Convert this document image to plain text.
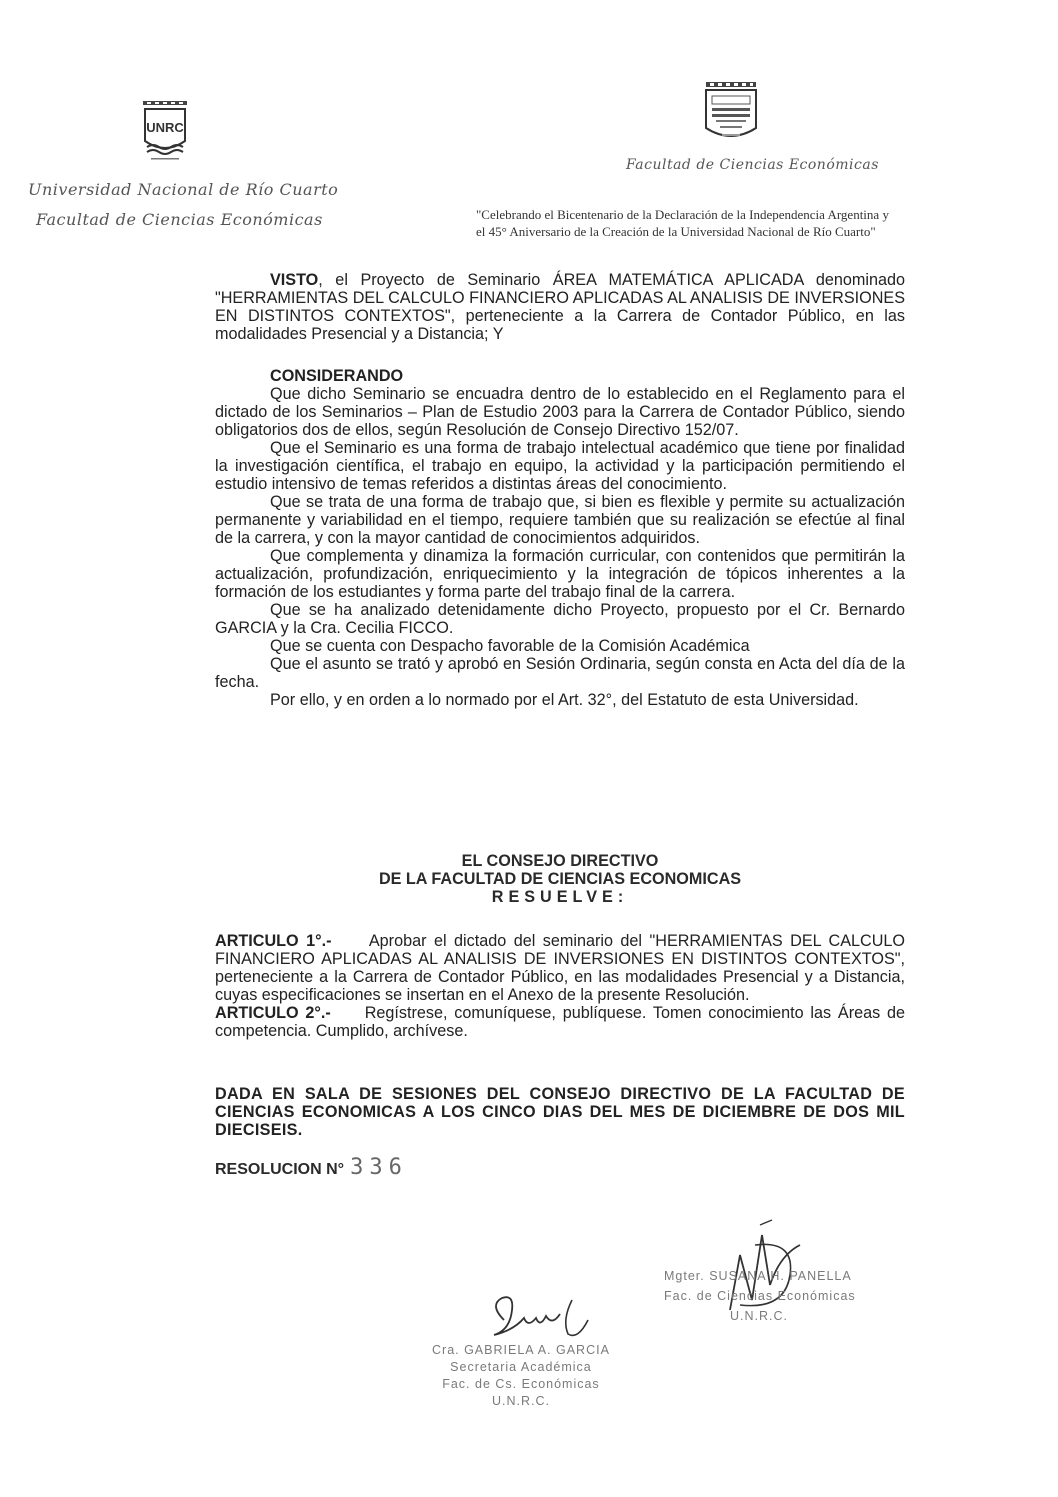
UNRC
Universidad Nacional de Río Cuarto
Facultad de Ciencias Económicas
Facultad de Ciencias Económicas
"Celebrando el Bicentenario de la Declaración de la Independencia Argentina y
el 45° Aniversario de la Creación de la Universidad Nacional de Río Cuarto"

VISTO, el Proyecto de Seminario ÁREA MATEMÁTICA APLICADA denominado "HERRAMIENTAS DEL CALCULO FINANCIERO APLICADAS AL ANALISIS DE INVERSIONES EN DISTINTOS CONTEXTOS", perteneciente a la Carrera de Contador Público, en las modalidades Presencial y a Distancia; Y

CONSIDERANDO

Que dicho Seminario se encuadra dentro de lo establecido en el Reglamento para el dictado de los Seminarios – Plan de Estudio 2003 para la Carrera de Contador Público, siendo obligatorios dos de ellos, según Resolución de Consejo Directivo 152/07.

Que el Seminario es una forma de trabajo intelectual académico que tiene por finalidad la investigación científica, el trabajo en equipo, la actividad y la participación permitiendo el estudio intensivo de temas referidos a distintas áreas del conocimiento.

Que se trata de una forma de trabajo que, si bien es flexible y permite su actualización permanente y variabilidad en el tiempo, requiere también que su realización se efectúe al final de la carrera, y con la mayor cantidad de conocimientos adquiridos.

Que complementa y dinamiza la formación curricular, con contenidos que permitirán la actualización, profundización, enriquecimiento y la integración de tópicos inherentes a la formación de los estudiantes y forma parte del trabajo final de la carrera.

Que se ha analizado detenidamente dicho Proyecto, propuesto por el Cr. Bernardo GARCIA y la Cra. Cecilia FICCO.

Que se cuenta con Despacho favorable de la Comisión Académica

Que el asunto se trató y aprobó en Sesión Ordinaria, según consta en Acta del día de la fecha.

Por ello, y en orden a lo normado por el Art. 32°, del Estatuto de esta Universidad.

EL CONSEJO DIRECTIVO
DE LA FACULTAD DE CIENCIAS ECONOMICAS
RESUELVE:

ARTICULO 1°.- Aprobar el dictado del seminario del "HERRAMIENTAS DEL CALCULO FINANCIERO APLICADAS AL ANALISIS DE INVERSIONES EN DISTINTOS CONTEXTOS", perteneciente a la Carrera de Contador Público, en las modalidades Presencial y a Distancia, cuyas especificaciones se insertan en el Anexo de la presente Resolución.

ARTICULO 2°.- Regístrese, comuníquese, publíquese. Tomen conocimiento las Áreas de competencia. Cumplido, archívese.

DADA EN SALA DE SESIONES DEL CONSEJO DIRECTIVO DE LA FACULTAD DE CIENCIAS ECONOMICAS A LOS CINCO DIAS DEL MES DE DICIEMBRE DE DOS MIL DIECISEIS.
RESOLUCION N° 336
Mgter. SUSANA H. PANELLA
Fac. de Ciencias Económicas
U.N.R.C.
Cra. GABRIELA A. GARCIA
Secretaria Académica
Fac. de Cs. Económicas
U.N.R.C.
